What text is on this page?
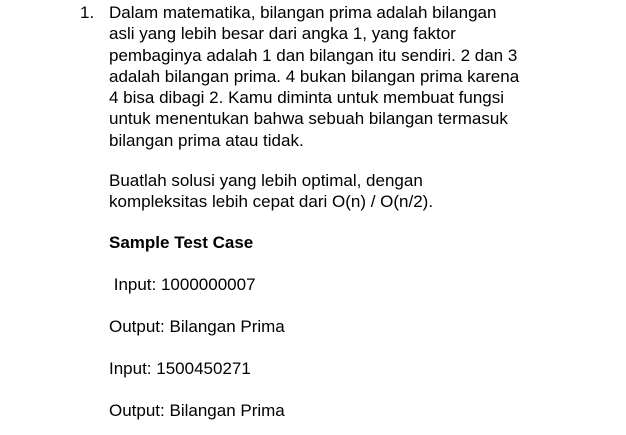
1. Dalam matematika, bilangan prima adalah bilangan
asli yang lebih besar dari angka 1, yang faktor
pembaginya adalah 1 dan bilangan itu sendiri. 2 dan 3
adalah bilangan prima. 4 bukan bilangan prima karena
4 bisa dibagi 2. Kamu diminta untuk membuat fungsi
untuk menentukan bahwa sebuah bilangan termasuk
bilangan prima atau tidak.
Buatlah solusi yang lebih optimal, dengan
kompleksitas lebih cepat dari O(n) / O(n/2).
Sample Test Case
Input: 1000000007
Output: Bilangan Prima
Input: 1500450271
Output: Bilangan Prima
